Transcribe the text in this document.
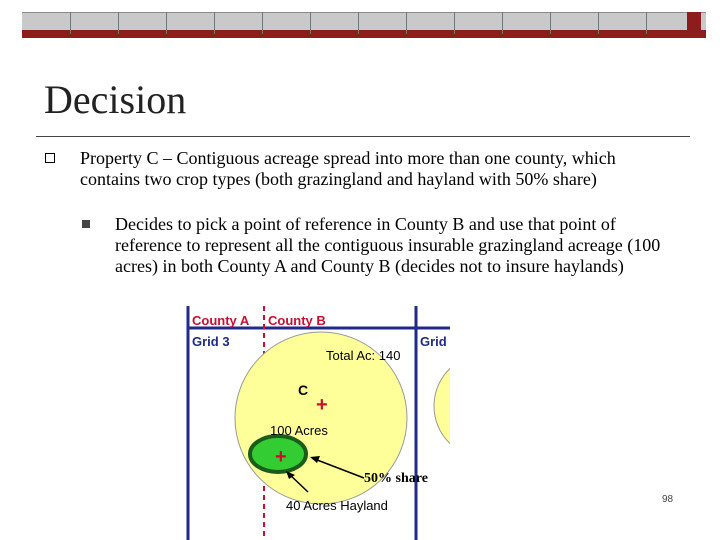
Decision

Property C – Contiguous acreage spread into more than one county, which contains two crop types (both grazingland and hayland with 50% share)

Decides to pick a point of reference in County B and use that point of reference to represent all the contiguous insurable grazingland acreage (100 acres) in both County A and County B (decides not to insure haylands)

+
+
County A County B
Grid 3	Grid
Total Ac: 140
C
100 Acres
50% share
40 Acres Hayland	98
